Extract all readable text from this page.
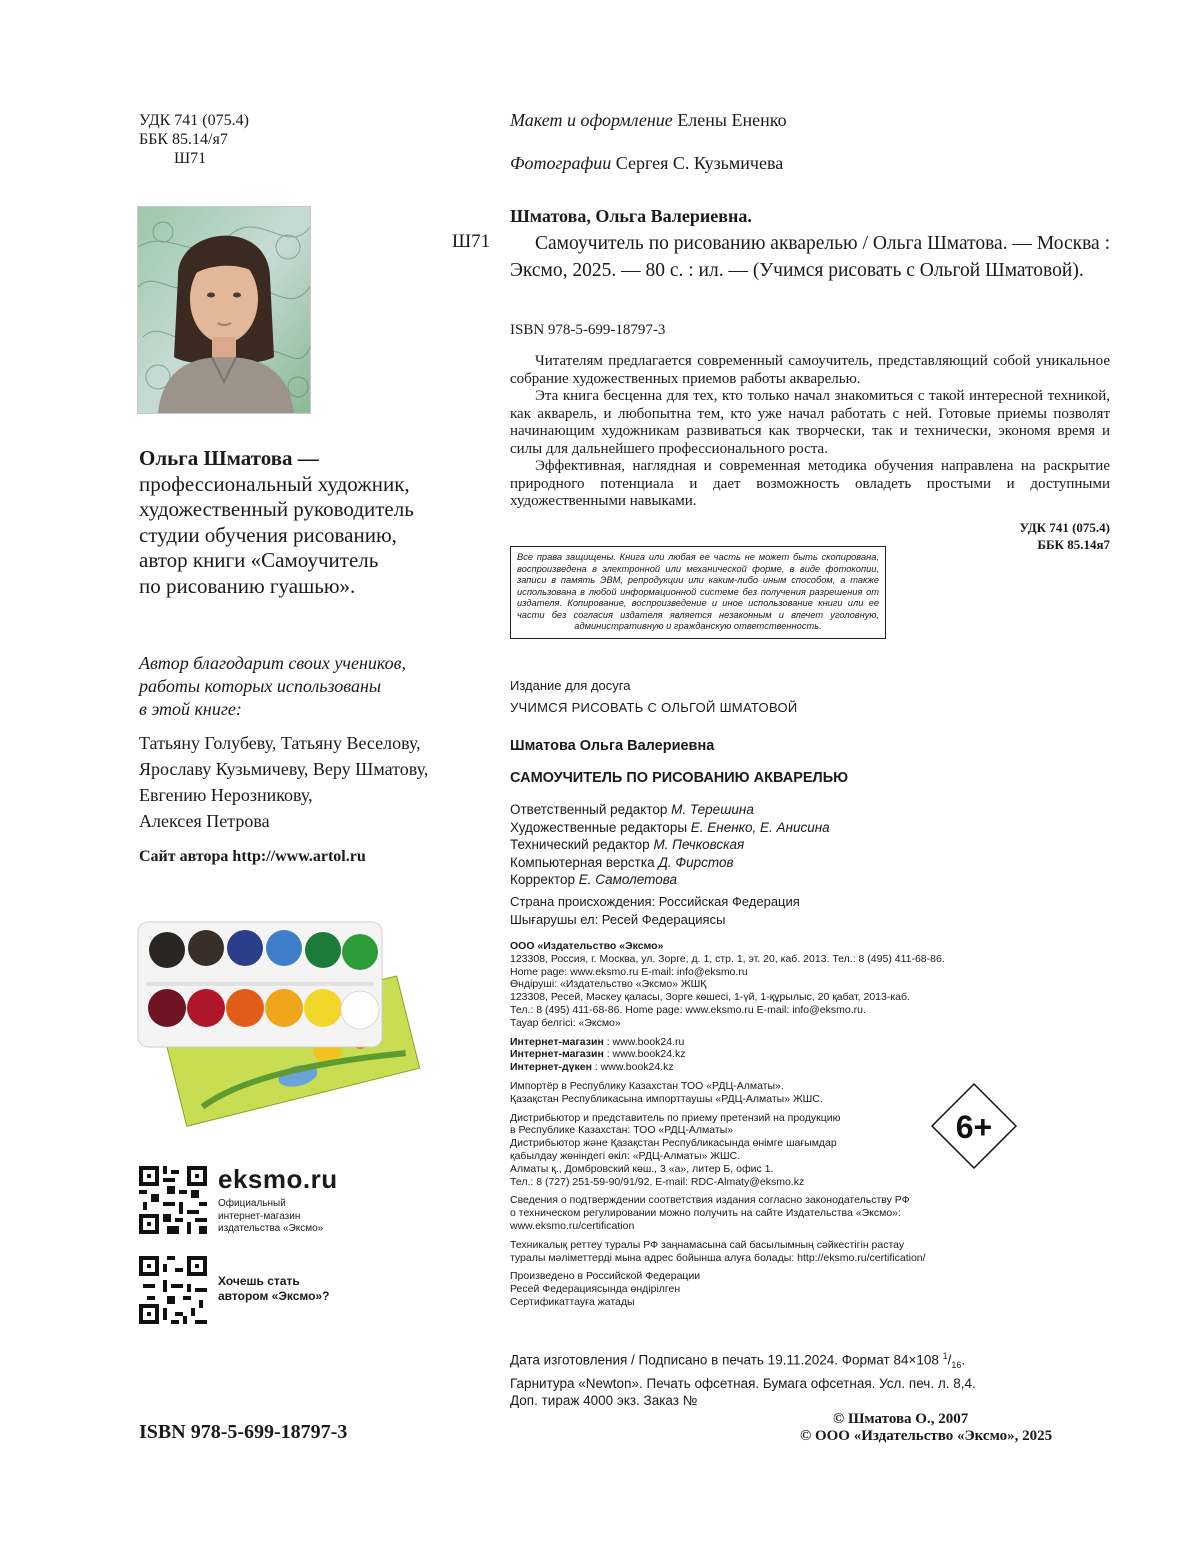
УДК 741 (075.4)
ББК 85.14/я7
Ш71
Ольга Шматова —
профессиональный художник,
художественный руководитель
студии обучения рисованию,
автор книги «Самоучитель
по рисованию гуашью».
Автор благодарит своих учеников,
работы которых использованы
в этой книге:
Татьяну Голубеву, Татьяну Веселову,
Ярославу Кузьмичеву, Веру Шматову,
Евгению Нерозникову,
Алексея Петрова
Сайт автора http://www.artol.ru
eksmo.ru
Официальный
интернет-магазин
издательства «Эксмо»
Хочешь стать
автором «Эксмо»?
ISBN 978-5-699-18797-3
Макет и оформление Елены Ененко
Фотографии Сергея С. Кузьмичева
Шматова, Ольга Валериевна.
Ш71	Самоучитель по рисованию акварелью / Ольга Шматова. — Москва : Эксмо, 2025. — 80 с. : ил. — (Учимся рисовать с Ольгой Шматовой).
ISBN 978-5-699-18797-3

Читателям предлагается современный самоучитель, представляющий собой уникальное собрание художественных приемов работы акварелью.

Эта книга бесценна для тех, кто только начал знакомиться с такой интересной техникой, как акварель, и любопытна тем, кто уже начал работать с ней. Готовые приемы позволят начинающим художникам развиваться как творчески, так и технически, экономя время и силы для дальнейшего профессионального роста.

Эффективная, наглядная и современная методика обучения направлена на раскрытие природного потенциала и дает возможность овладеть простыми и доступными художественными навыками.

УДК 741 (075.4)
ББК 85.14я7
Все права защищены. Книга или любая ее часть не может быть скопирована, воспроизведена в электронной или механической форме, в виде фотокопии, записи в память ЭВМ, репродукции или каким-либо иным способом, а также использована в любой информационной системе без получения разрешения от издателя. Копирование, воспроизведение и иное использование книги или ее части без согласия издателя является незаконным и влечет уголовную, административную и гражданскую ответственность.
Издание для досуга
УЧИМСЯ РИСОВАТЬ С ОЛЬГОЙ ШМАТОВОЙ
Шматова Ольга Валериевна
САМОУЧИТЕЛЬ ПО РИСОВАНИЮ АКВАРЕЛЬЮ
Ответственный редактор М. Терешина
Художественные редакторы Е. Ененко, Е. Анисина
Технический редактор М. Печковская
Компьютерная верстка Д. Фирстов
Корректор Е. Самолетова
Страна происхождения: Российская Федерация
Шығарушы ел: Ресей Федерациясы
ООО «Издательство «Эксмо»
123308, Россия, г. Москва, ул. Зорге, д. 1, стр. 1, эт. 20, каб. 2013. Тел.: 8 (495) 411-68-86.
Home page: www.eksmo.ru E-mail: info@eksmo.ru
Өндіруші: «Издательство «Эксмо» ЖШҚ
123308, Ресей, Мәскеу қаласы, Зорге көшесі, 1-үй, 1-құрылыс, 20 қабат, 2013-каб.
Тел.: 8 (495) 411-68-86. Home page: www.eksmo.ru E-mail: info@eksmo.ru.
Тауар белгісі: «Эксмо»
Интернет-магазин : www.book24.ru
Интернет-магазин : www.book24.kz
Интернет-дүкен : www.book24.kz
Импортёр в Республику Казахстан ТОО «РДЦ-Алматы».
Қазақстан Республикасына импорттаушы «РДЦ-Алматы» ЖШС.
Дистрибьютор и представитель по приему претензий на продукцию
в Республике Казахстан: ТОО «РДЦ-Алматы»
Дистрибьютор және Қазақстан Республикасында өнімге шағымдар
қабылдау жөніндегі өкіл: «РДЦ-Алматы» ЖШС.
Алматы қ., Домбровский көш., 3 «а», литер Б, офис 1.
Тел.: 8 (727) 251-59-90/91/92. E-mail: RDC-Almaty@eksmo.kz
Сведения о подтверждении соответствия издания согласно законодательству РФ
о техническом регулировании можно получить на сайте Издательства «Эксмо»:
www.eksmo.ru/certification
Техникалық реттеу туралы РФ заңнамасына сай басылымның сәйкестігін растау
туралы мәліметтерді мына адрес бойынша алуға болады: http://eksmo.ru/certification/
Произведено в Российской Федерации
Ресей Федерациясында өндірілген
Сертификаттауға жатады
6+
Дата изготовления / Подписано в печать 19.11.2024. Формат 84×108 $^1/_{16}$.
Гарнитура «Newton». Печать офсетная. Бумага офсетная. Усл. печ. л. 8,4.
Доп. тираж 4000 экз. Заказ №
© Шматова О., 2007
© ООО «Издательство «Эксмо», 2025
